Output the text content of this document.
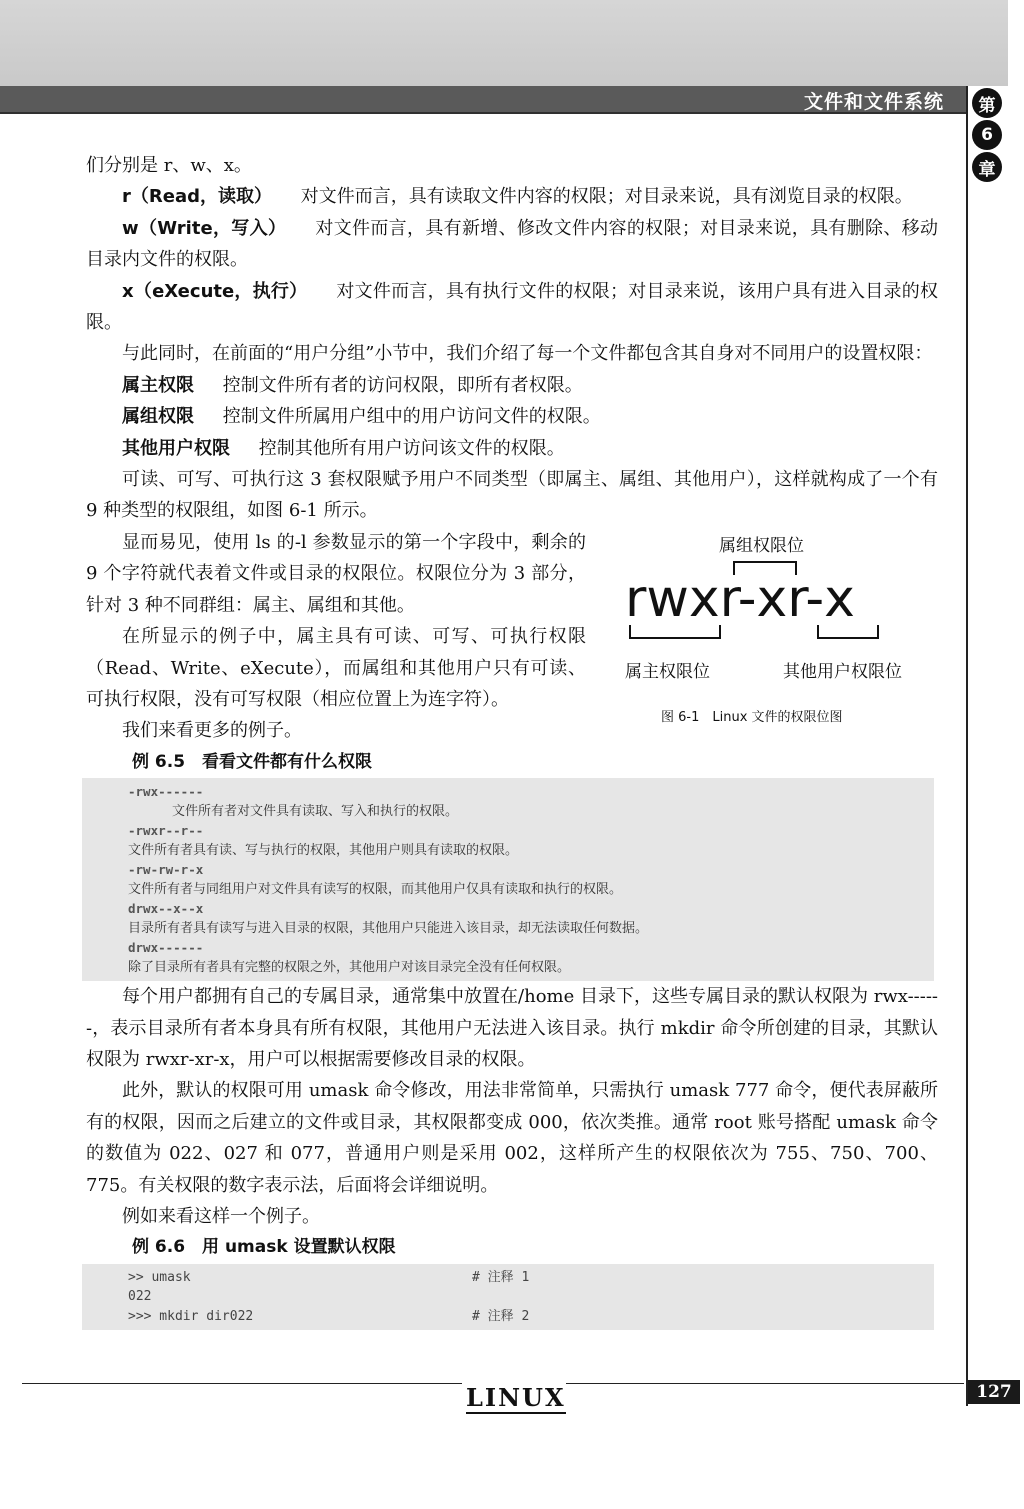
文件和文件系统	第
6
章

们分别是 r、w、x。

r（Read，读取） 对文件而言，具有读取文件内容的权限；对目录来说，具有浏览目录的权限。

w（Write，写入） 对文件而言，具有新增、修改文件内容的权限；对目录来说，具有删除、移动目录内文件的权限。

x（eXecute，执行） 对文件而言，具有执行文件的权限；对目录来说，该用户具有进入目录的权限。

与此同时，在前面的“用户分组”小节中，我们介绍了每一个文件都包含其自身对不同用户的设置权限：

属主权限 控制文件所有者的访问权限，即所有者权限。

属组权限 控制文件所属用户组中的用户访问文件的权限。

其他用户权限 控制其他所有用户访问该文件的权限。

可读、可写、可执行这 3 套权限赋予用户不同类型（即属主、属组、其他用户），这样就构成了一个有 9 种类型的权限组，如图 6-1 所示。

属组权限位
rwxr-xr-x
属主权限位	其他用户权限位
图 6-1　Linux 文件的权限位图

显而易见，使用 ls 的-l 参数显示的第一个字段中，剩余的 9 个字符就代表着文件或目录的权限位。权限位分为 3 部分，针对 3 种不同群组：属主、属组和其他。

在所显示的例子中，属主具有可读、可写、可执行权限（Read、Write、eXecute），而属组和其他用户只有可读、可执行权限，没有可写权限（相应位置上为连字符）。

我们来看更多的例子。

例 6.5　看看文件都有什么权限

-rwx------
文件所有者对文件具有读取、写入和执行的权限。
-rwxr--r--
文件所有者具有读、写与执行的权限，其他用户则具有读取的权限。
-rw-rw-r-x
文件所有者与同组用户对文件具有读写的权限，而其他用户仅具有读取和执行的权限。
drwx--x--x
目录所有者具有读写与进入目录的权限，其他用户只能进入该目录，却无法读取任何数据。
drwx------
除了目录所有者具有完整的权限之外，其他用户对该目录完全没有任何权限。

每个用户都拥有自己的专属目录，通常集中放置在/home 目录下，这些专属目录的默认权限为 rwx------，表示目录所有者本身具有所有权限，其他用户无法进入该目录。执行 mkdir 命令所创建的目录，其默认权限为 rwxr-xr-x，用户可以根据需要修改目录的权限。

此外，默认的权限可用 umask 命令修改，用法非常简单，只需执行 umask 777 命令，便代表屏蔽所有的权限，因而之后建立的文件或目录，其权限都变成 000，依次类推。通常 root 账号搭配 umask 命令的数值为 022、027 和 077，普通用户则是采用 002，这样所产生的权限依次为 755、750、700、775。有关权限的数字表示法，后面将会详细说明。

例如来看这样一个例子。

例 6.6　用 umask 设置默认权限

>> umask	# 注释 1
022
>>> mkdir dir022	# 注释 2
LINUX	127
